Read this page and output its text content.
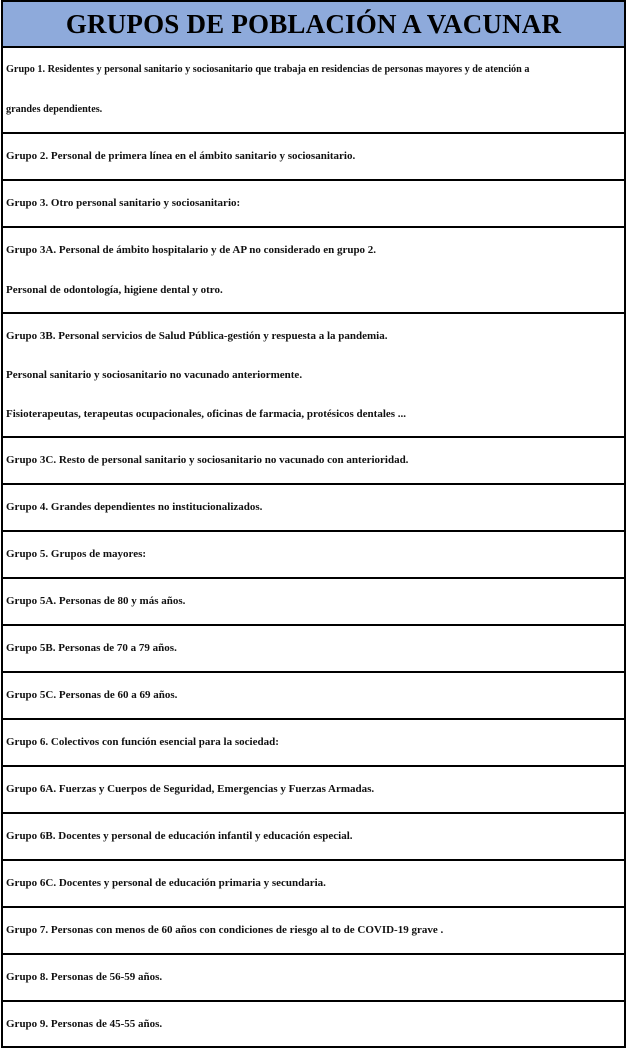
GRUPOS DE POBLACIÓN A VACUNAR
Grupo 1. Residentes y personal sanitario y sociosanitario que trabaja en residencias de personas mayores y de atención a
grandes dependientes.

Grupo 2. Personal de primera línea en el ámbito sanitario y sociosanitario.

Grupo 3. Otro personal sanitario y sociosanitario:

Grupo 3A. Personal de ámbito hospitalario y de AP no considerado en grupo 2.
Personal de odontología, higiene dental y otro.

Grupo 3B. Personal servicios de Salud Pública-gestión y respuesta a la pandemia.
Personal sanitario y sociosanitario no vacunado anteriormente.
Fisioterapeutas, terapeutas ocupacionales, oficinas de farmacia, protésicos dentales ...

Grupo 3C. Resto de personal sanitario y sociosanitario no vacunado con anterioridad.

Grupo 4. Grandes dependientes no institucionalizados.

Grupo 5. Grupos de mayores:

Grupo 5A. Personas de 80 y más años.

Grupo 5B. Personas de 70 a 79 años.

Grupo 5C. Personas de 60 a 69 años.

Grupo 6. Colectivos con función esencial para la sociedad:

Grupo 6A. Fuerzas y Cuerpos de Seguridad, Emergencias y Fuerzas Armadas.

Grupo 6B. Docentes y personal de educación infantil y educación especial.

Grupo 6C. Docentes y personal de educación primaria y secundaria.

Grupo 7. Personas con menos de 60 años con condiciones de riesgo al to de COVID-19 grave .

Grupo 8. Personas de 56-59 años.

Grupo 9. Personas de 45-55 años.
